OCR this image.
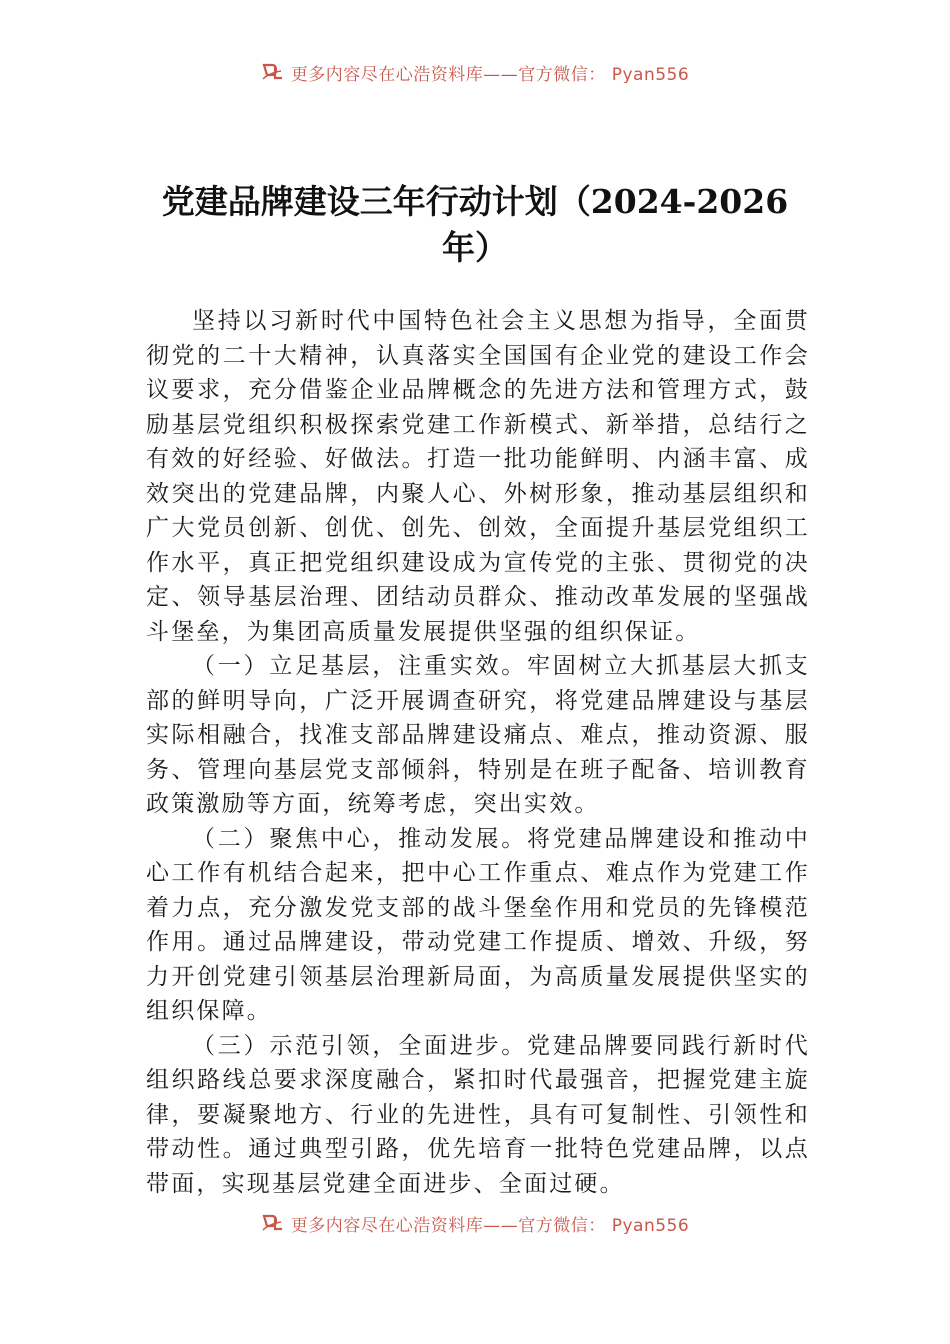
更多内容尽在心浩资料库——官方微信： Pyan556
党建品牌建设三年行动计划（2024-2026
年）

坚持以习新时代中国特色社会主义思想为指导，全面贯彻党的二十大精神，认真落实全国国有企业党的建设工作会议要求，充分借鉴企业品牌概念的先进方法和管理方式，鼓励基层党组织积极探索党建工作新模式、新举措，总结行之有效的好经验、好做法。打造一批功能鲜明、内涵丰富、成效突出的党建品牌，内聚人心、外树形象，推动基层组织和广大党员创新、创优、创先、创效，全面提升基层党组织工作水平，真正把党组织建设成为宣传党的主张、贯彻党的决定、领导基层治理、团结动员群众、推动改革发展的坚强战斗堡垒，为集团高质量发展提供坚强的组织保证。

（一）立足基层，注重实效。牢固树立大抓基层大抓支部的鲜明导向，广泛开展调查研究，将党建品牌建设与基层实际相融合，找准支部品牌建设痛点、难点，推动资源、服务、管理向基层党支部倾斜，特别是在班子配备、培训教育政策激励等方面，统筹考虑，突出实效。

（二）聚焦中心，推动发展。将党建品牌建设和推动中心工作有机结合起来，把中心工作重点、难点作为党建工作着力点，充分激发党支部的战斗堡垒作用和党员的先锋模范作用。通过品牌建设，带动党建工作提质、增效、升级，努力开创党建引领基层治理新局面，为高质量发展提供坚实的组织保障。

（三）示范引领，全面进步。党建品牌要同践行新时代组织路线总要求深度融合，紧扣时代最强音，把握党建主旋律，要凝聚地方、行业的先进性，具有可复制性、引领性和带动性。通过典型引路，优先培育一批特色党建品牌，以点带面，实现基层党建全面进步、全面过硬。

更多内容尽在心浩资料库——官方微信： Pyan556
